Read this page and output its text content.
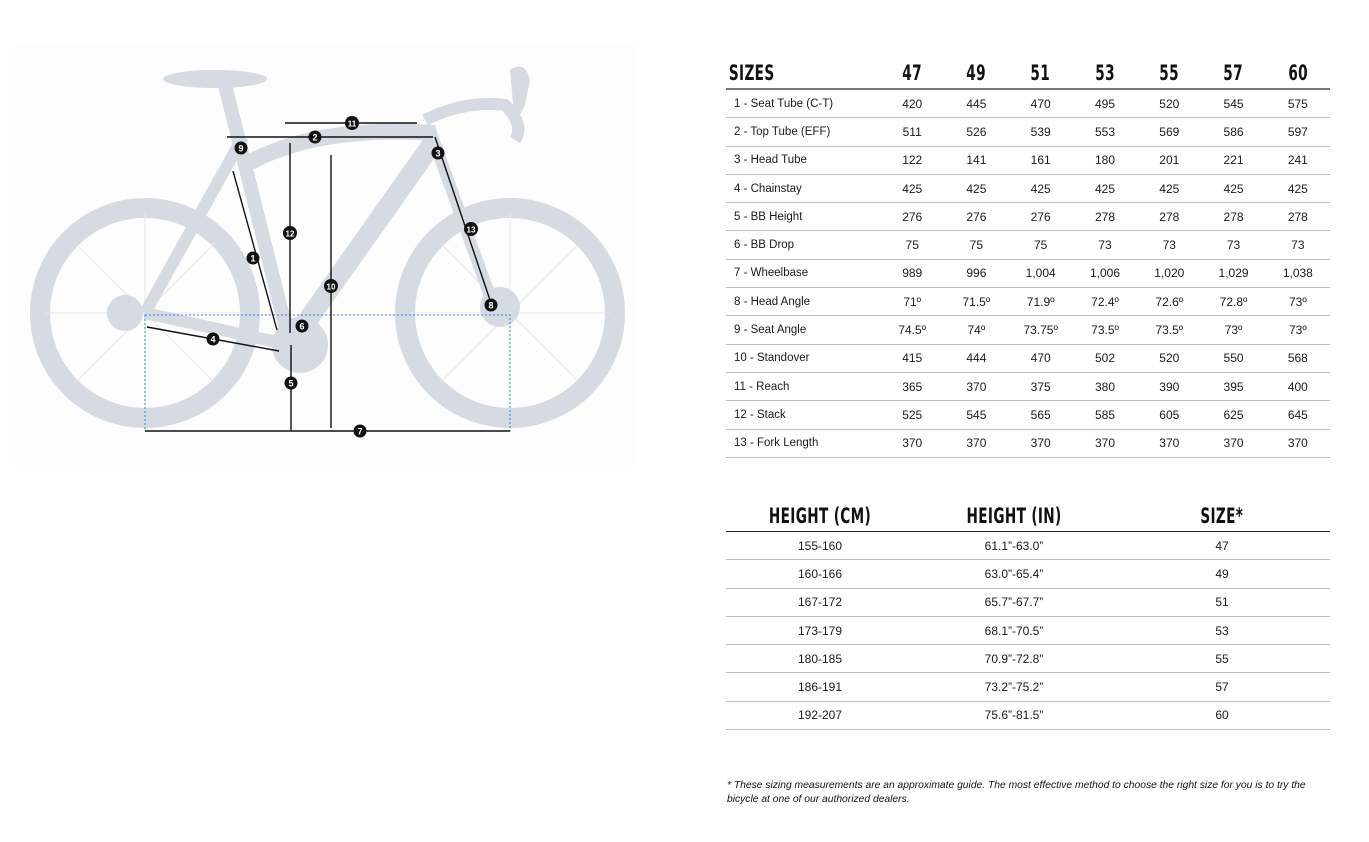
1
2
3
4
5
6
7
8
9
10
11
12	13
SIZES	47	49	51	53	55	57	60
1 - Seat Tube (C-T)	420	445	470	495	520	545	575
2 - Top Tube (EFF)	511	526	539	553	569	586	597
3 - Head Tube	122	141	161	180	201	221	241
4 - Chainstay	425	425	425	425	425	425	425
5 - BB Height	276	276	276	278	278	278	278
6 - BB Drop	75	75	75	73	73	73	73
7 - Wheelbase	989	996	1,004	1,006	1,020	1,029	1,038
8 - Head Angle	71º	71.5º	71.9º	72.4º	72.6º	72.8º	73º
9 - Seat Angle	74.5º	74º	73.75º	73.5º	73.5º	73º	73º
10 - Standover	415	444	470	502	520	550	568
11 - Reach	365	370	375	380	390	395	400
12 - Stack	525	545	565	585	605	625	645
13 - Fork Length	370	370	370	370	370	370	370
HEIGHT (CM)	HEIGHT (IN)	SIZE*
155-160	61.1”-63.0”	47
160-166	63.0”-65.4”	49
167-172	65.7”-67.7”	51
173-179	68.1”-70.5”	53
180-185	70.9”-72.8”	55
186-191	73.2”-75.2”	57
192-207	75.6”-81.5”	60

* These sizing measurements are an approximate guide. The most effective method to choose the right size for you is to try the bicycle at one of our authorized dealers.
